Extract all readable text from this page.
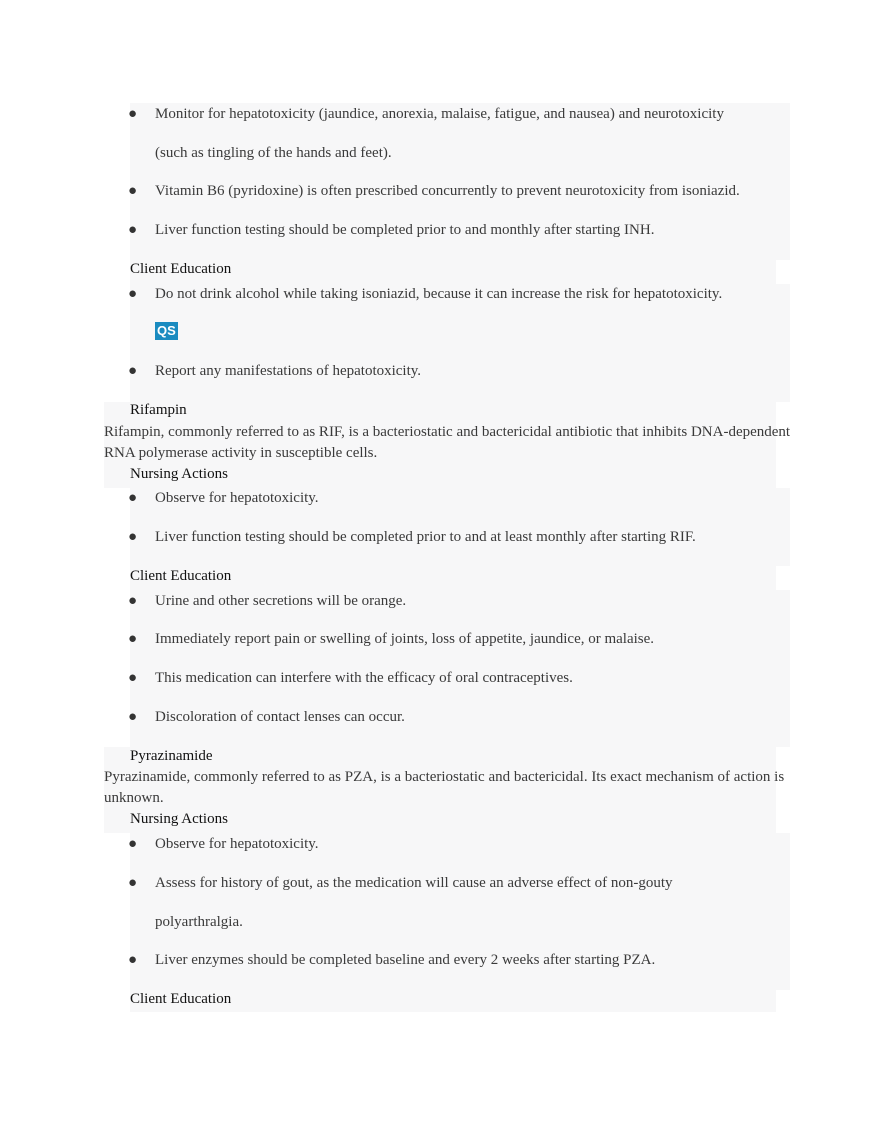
● Monitor for hepatotoxicity (jaundice, anorexia, malaise, fatigue, and nausea) and neurotoxicity
(such as tingling of the hands and feet).
● Vitamin B6 (pyridoxine) is often prescribed concurrently to prevent neurotoxicity from isoniazid.
● Liver function testing should be completed prior to and monthly after starting INH.
Client Education
● Do not drink alcohol while taking isoniazid, because it can increase the risk for hepatotoxicity.
QS
● Report any manifestations of hepatotoxicity.
Rifampin
Rifampin, commonly referred to as RIF, is a bacteriostatic and bactericidal antibiotic that inhibits DNA-dependent RNA polymerase activity in susceptible cells.
Nursing Actions
● Observe for hepatotoxicity.
● Liver function testing should be completed prior to and at least monthly after starting RIF.
Client Education
● Urine and other secretions will be orange.
● Immediately report pain or swelling of joints, loss of appetite, jaundice, or malaise.
● This medication can interfere with the efficacy of oral contraceptives.
● Discoloration of contact lenses can occur.
Pyrazinamide
Pyrazinamide, commonly referred to as PZA, is a bacteriostatic and bactericidal. Its exact mechanism of action is unknown.
Nursing Actions
● Observe for hepatotoxicity.
● Assess for history of gout, as the medication will cause an adverse effect of non-gouty
polyarthralgia.
● Liver enzymes should be completed baseline and every 2 weeks after starting PZA.
Client Education
